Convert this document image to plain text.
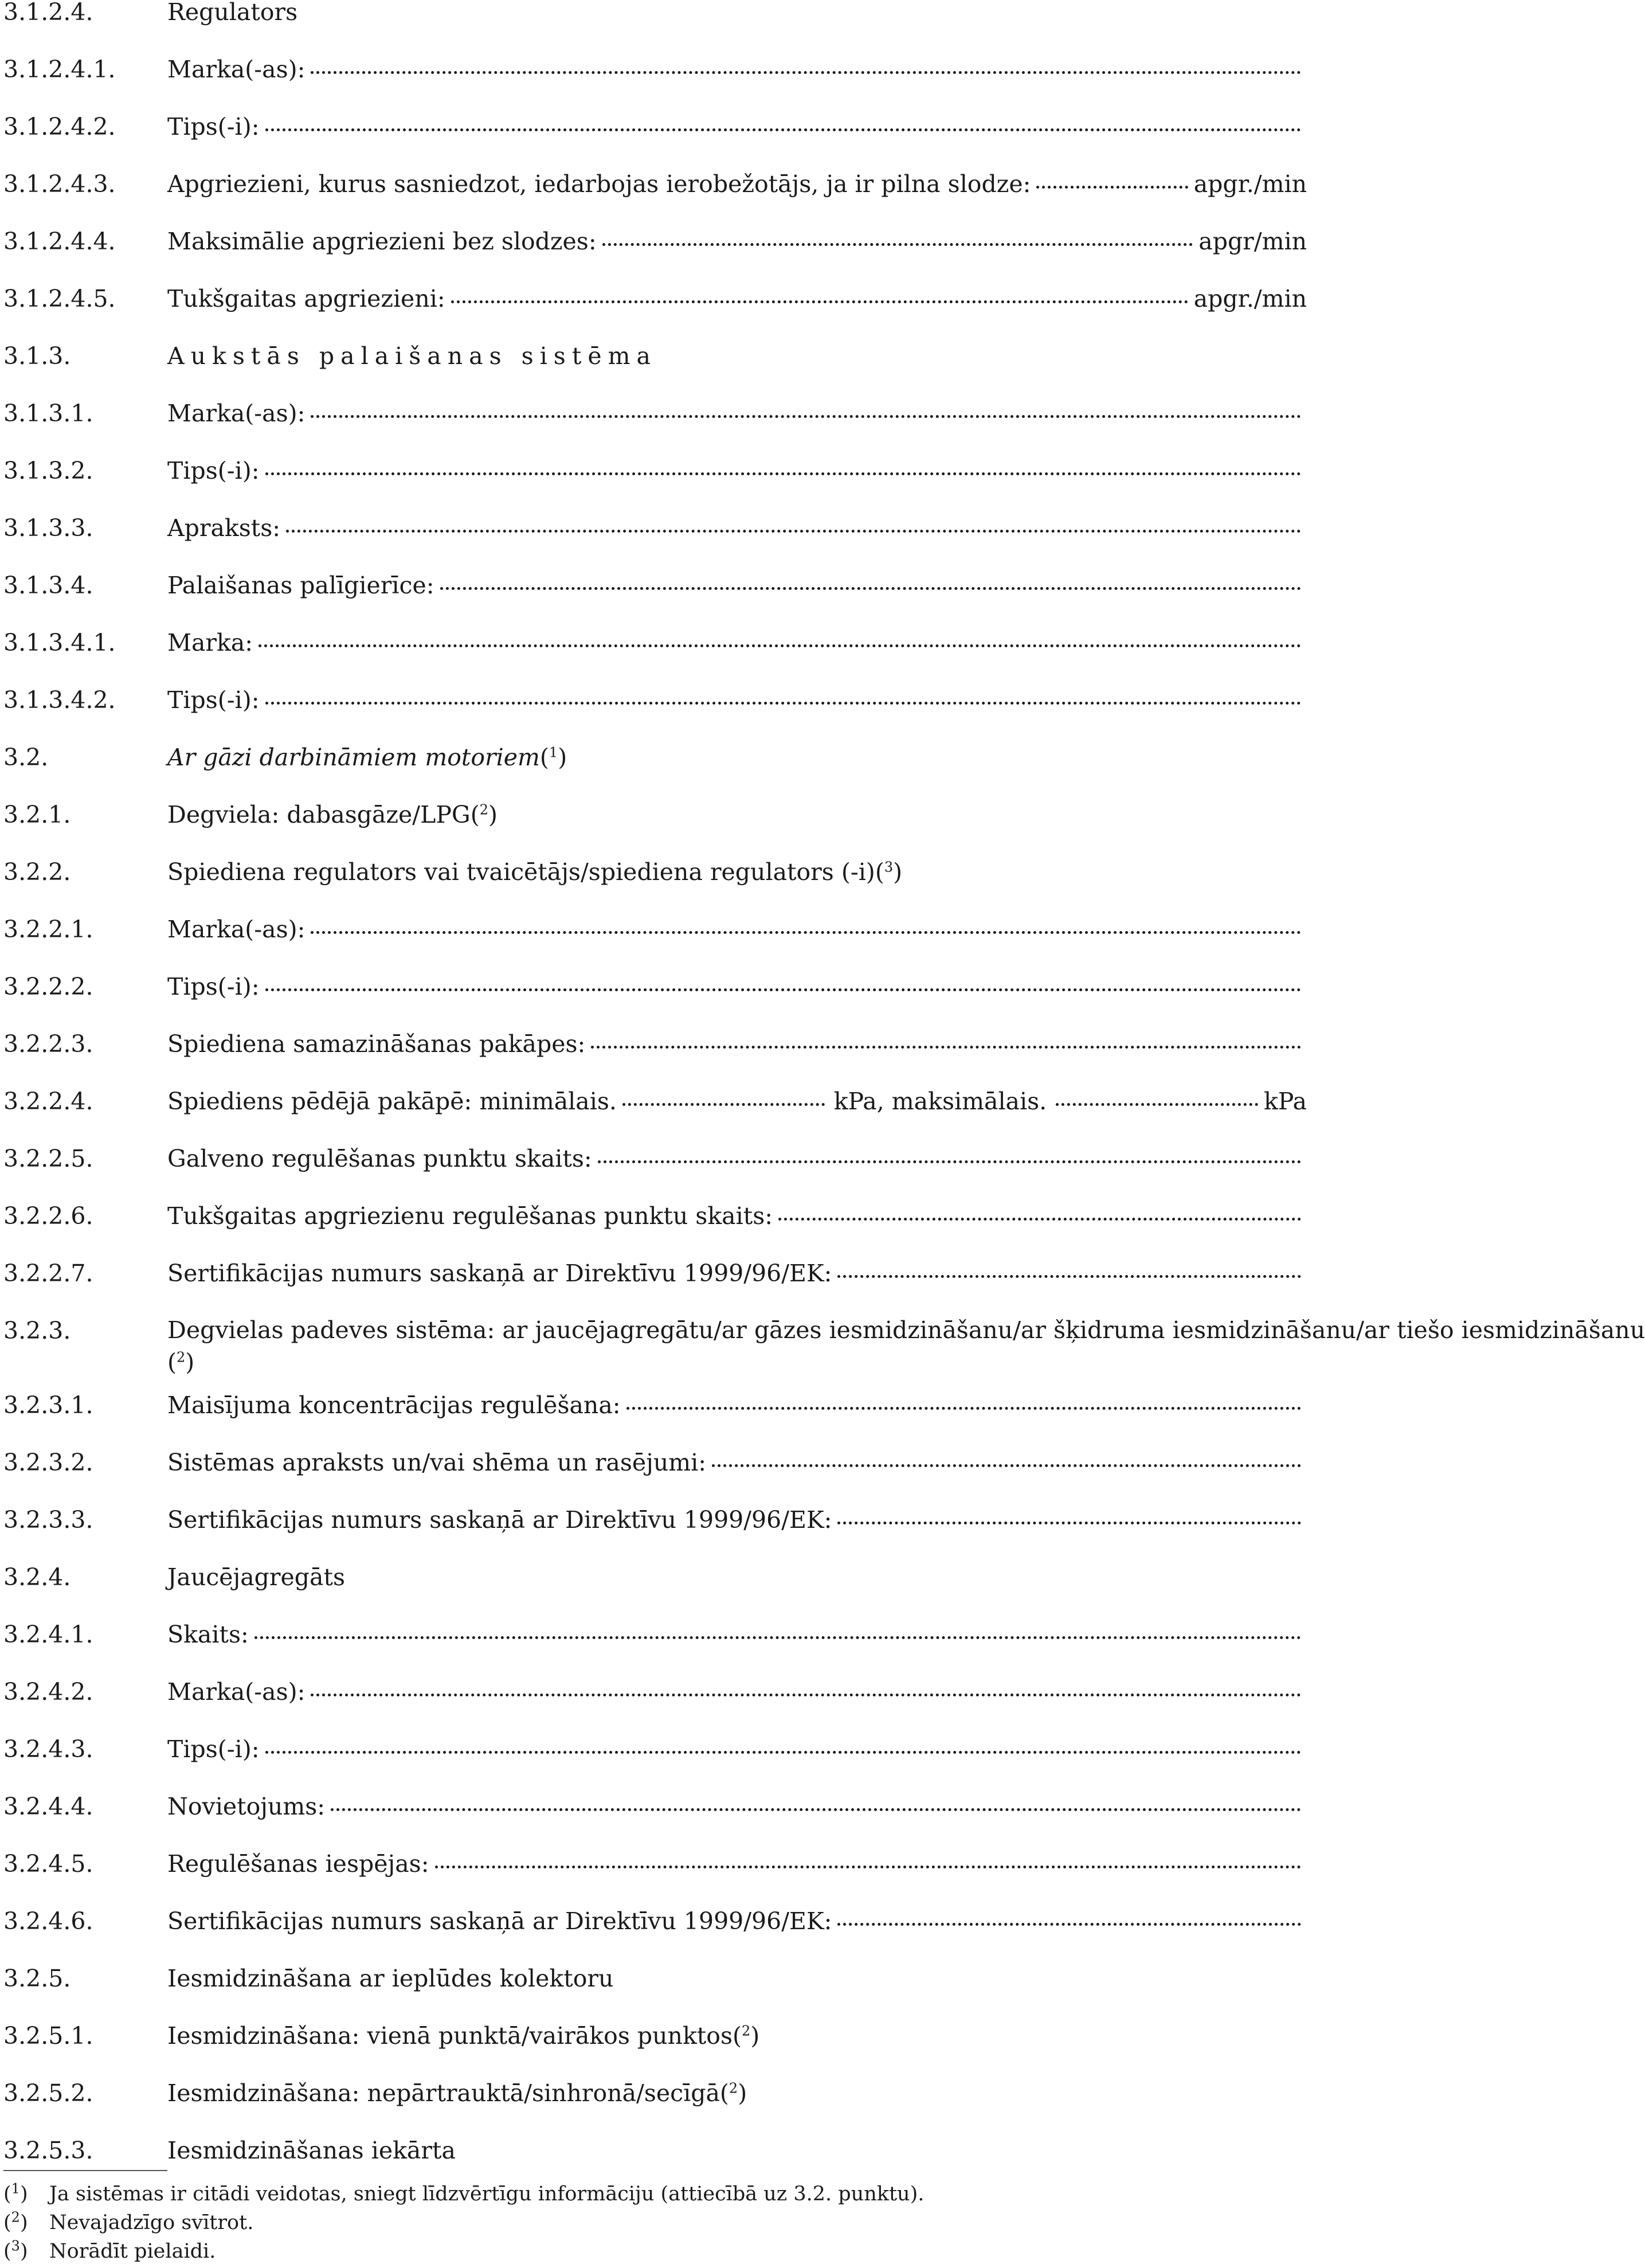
3.1.2.4.	Regulators
3.1.2.4.1. Marka(-as):
3.1.2.4.2. Tips(-i):
3.1.2.4.3. Apgriezieni, kurus sasniedzot, iedarbojas ierobežotājs, ja ir pilna slodze:	apgr./min
3.1.2.4.4. Maksimālie apgriezieni bez slodzes:	apgr/min
3.1.2.4.5. Tukšgaitas apgriezieni:	apgr./min
3.1.3.	Aukstās palaišanas sistēma
3.1.3.1.	Marka(-as):
3.1.3.2.	Tips(-i):
3.1.3.3.	Apraksts:
3.1.3.4.	Palaišanas palīgierīce:
3.1.3.4.1. Marka:
3.1.3.4.2. Tips(-i):
3.2.	Ar gāzi darbināmiem motoriem ($^1$)
3.2.1.	Degviela: dabasgāze/LPG ($^2$)
3.2.2.	Spiediena regulators vai tvaicētājs/spiediena regulators (-i) ($^3$)
3.2.2.1.	Marka(-as):
3.2.2.2.	Tips(-i):
3.2.2.3.	Spiediena samazināšanas pakāpes:
3.2.2.4.	Spiediens pēdējā pakāpē: minimālais.	kPa, maksimālais.	kPa
3.2.2.5.	Galveno regulēšanas punktu skaits:
3.2.2.6.	Tukšgaitas apgriezienu regulēšanas punktu skaits:
3.2.2.7.	Sertifikācijas numurs saskaņā ar Direktīvu 1999/96/EK:
3.2.3.	Degvielas padeves sistēma: ar jaucējagregātu/ar gāzes iesmidzināšanu/ar šķidruma iesmidzināšanu/ar tiešo iesmidzināšanu ($^2$)
3.2.3.1.	Maisījuma koncentrācijas regulēšana:
3.2.3.2.	Sistēmas apraksts un/vai shēma un rasējumi:
3.2.3.3.	Sertifikācijas numurs saskaņā ar Direktīvu 1999/96/EK:
3.2.4.	Jaucējagregāts
3.2.4.1.	Skaits:
3.2.4.2.	Marka(-as):
3.2.4.3.	Tips(-i):
3.2.4.4.	Novietojums:
3.2.4.5.	Regulēšanas iespējas:
3.2.4.6.	Sertifikācijas numurs saskaņā ar Direktīvu 1999/96/EK:
3.2.5.	Iesmidzināšana ar ieplūdes kolektoru
3.2.5.1.	Iesmidzināšana: vienā punktā/vairākos punktos ($^2$)
3.2.5.2.	Iesmidzināšana: nepārtrauktā/sinhronā/secīgā ($^2$)
3.2.5.3.	Iesmidzināšanas iekārta
($^1$) Ja sistēmas ir citādi veidotas, sniegt līdzvērtīgu informāciju (attiecībā uz 3.2. punktu).
($^2$) Nevajadzīgo svītrot.
($^3$) Norādīt pielaidi.
